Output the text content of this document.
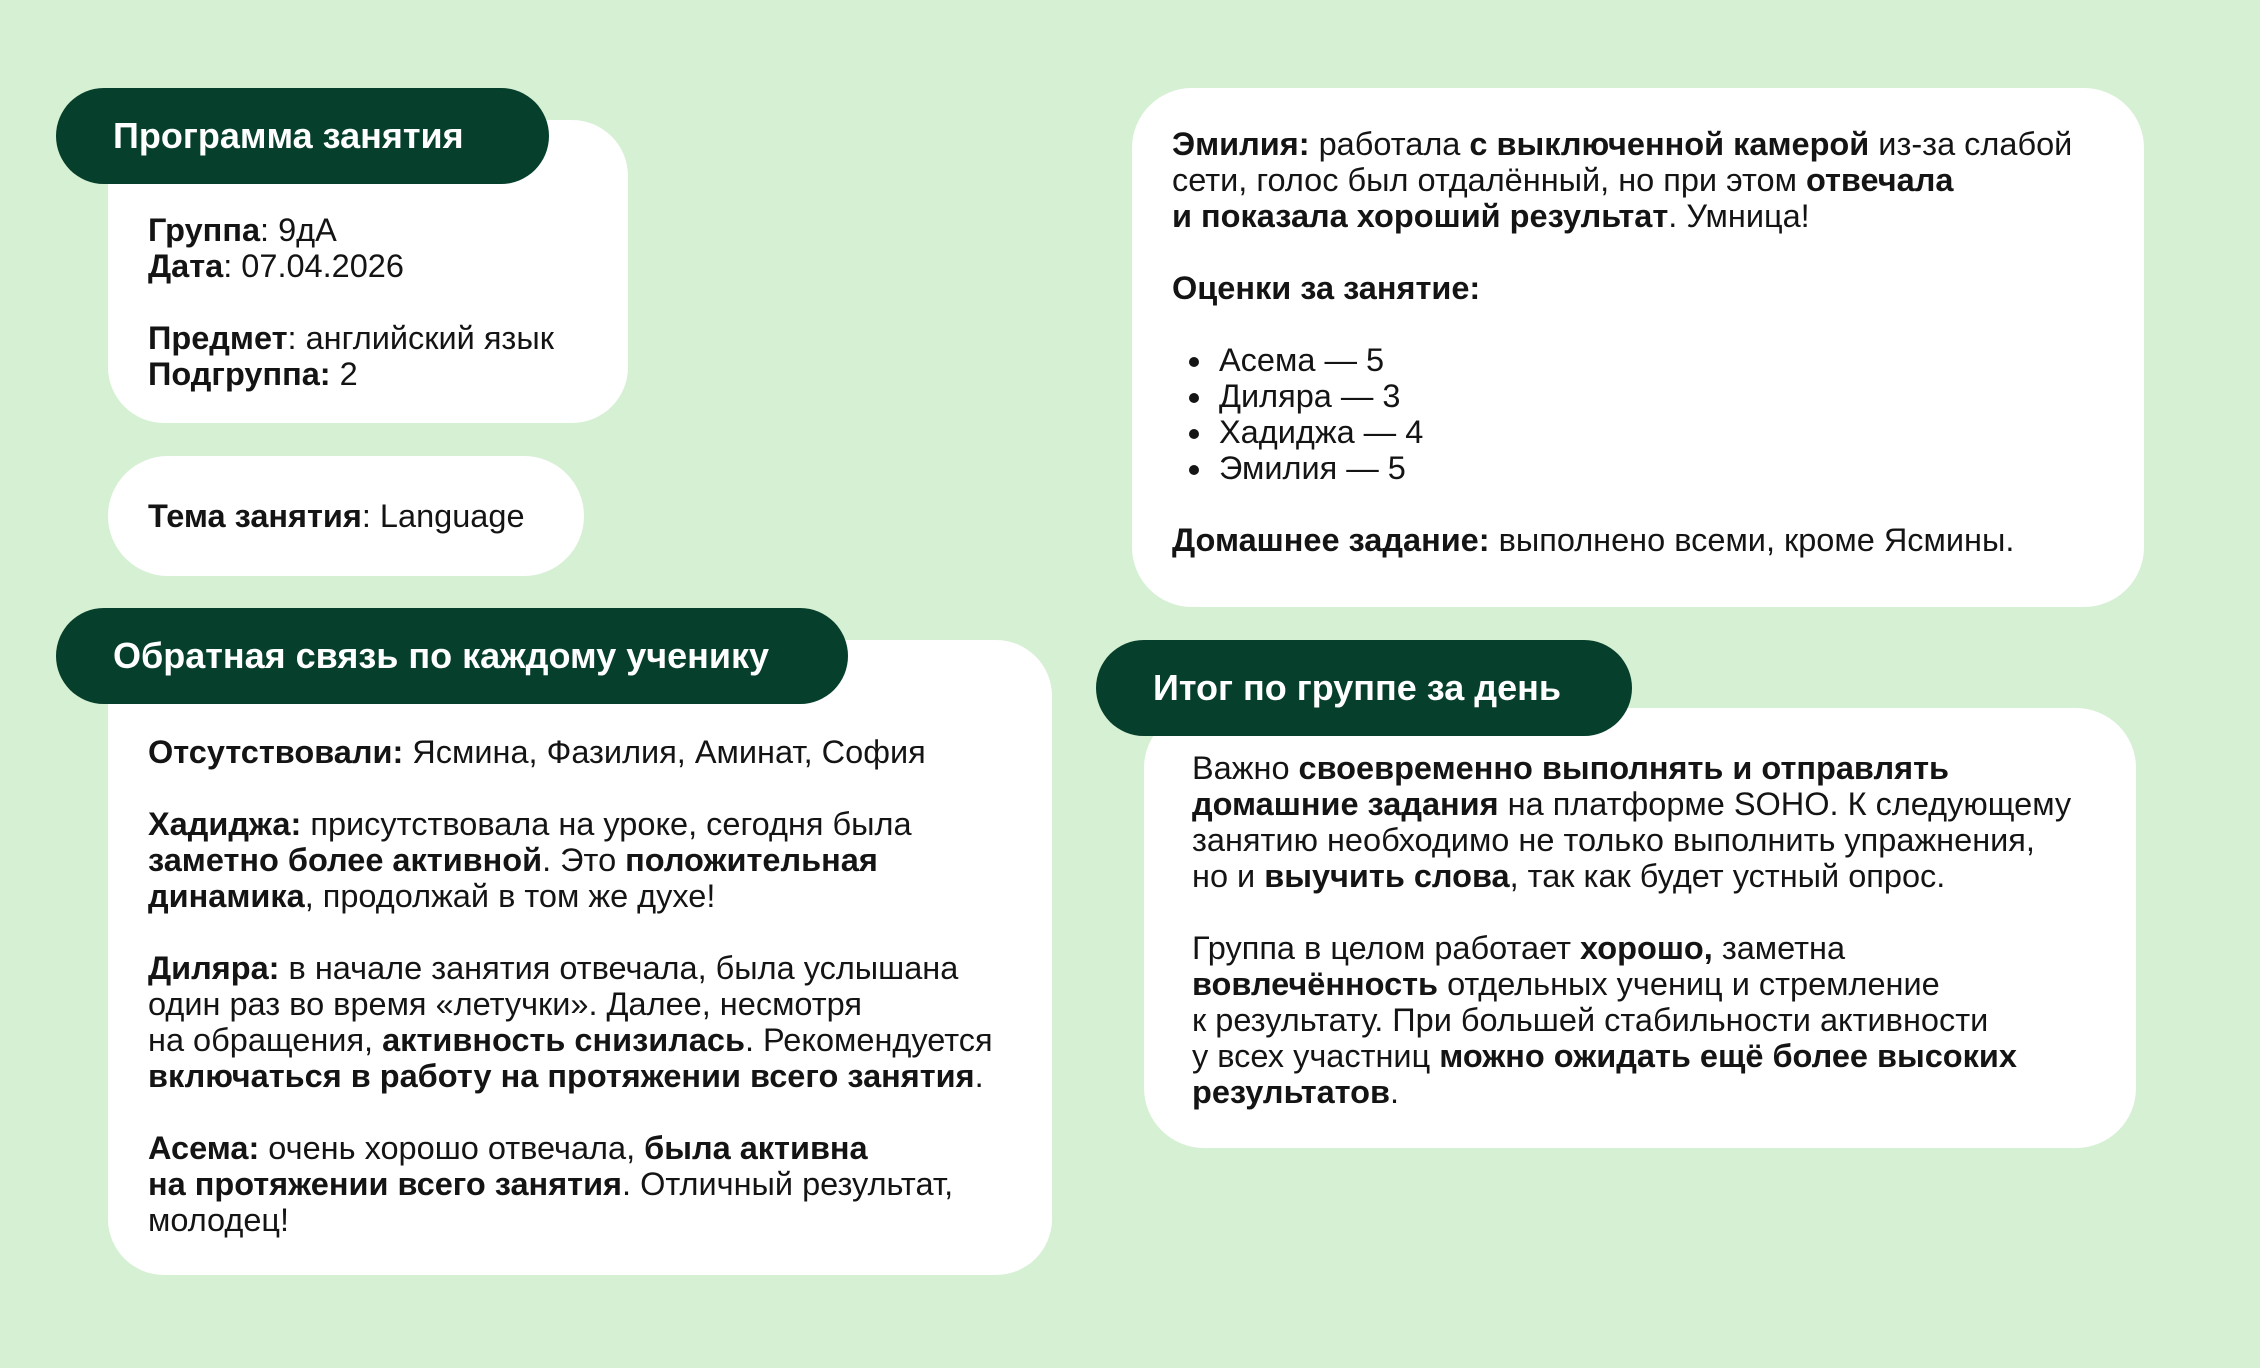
Группа: 9дА
Дата: 07.04.2026
Предмет: английский язык
Подгруппа: 2
Программа занятия
Тема занятия: Language
Отсутствовали: Ясмина, Фазилия, Аминат, София
Хадиджа: присутствовала на уроке, сегодня была
заметно более активной. Это положительная
динамика, продолжай в том же духе!
Диляра: в начале занятия отвечала, была услышана
один раз во время «летучки». Далее, несмотря
на обращения, активность снизилась. Рекомендуется
включаться в работу на протяжении всего занятия.
Асема: очень хорошо отвечала, была активна
на протяжении всего занятия. Отличный результат,
молодец!
Обратная связь по каждому ученику
Эмилия: работала с выключенной камерой из-за слабой
сети, голос был отдалённый, но при этом отвечала
и показала хороший результат. Умница!
Оценки за занятие:
Асема — 5
Диляра — 3
Хадиджа — 4
Эмилия — 5
Домашнее задание: выполнено всеми, кроме Ясмины.
Важно своевременно выполнять и отправлять
домашние задания на платформе SOHO. К следующему
занятию необходимо не только выполнить упражнения,
но и выучить слова, так как будет устный опрос.
Группа в целом работает хорошо, заметна
вовлечённость отдельных учениц и стремление
к результату. При большей стабильности активности
у всех участниц можно ожидать ещё более высоких
результатов.
Итог по группе за день
